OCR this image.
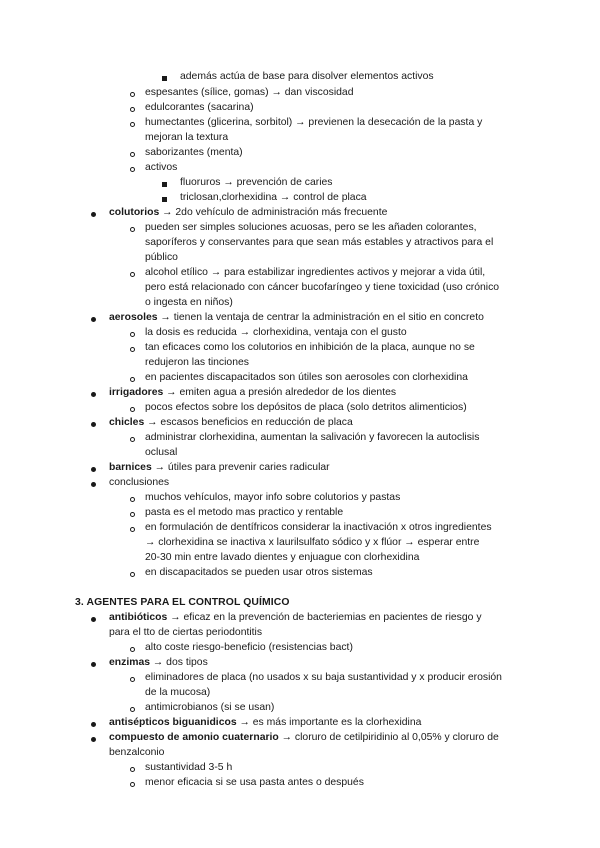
además actúa de base para disolver elementos activos
espesantes (sílice, gomas) → dan viscosidad
edulcorantes (sacarina)
humectantes (glicerina, sorbitol) → previenen la desecación de la pasta y
mejoran la textura
saborizantes (menta)
activos
fluoruros → prevención de caries
triclosan,clorhexidina → control de placa
colutorios → 2do vehículo de administración más frecuente
pueden ser simples soluciones acuosas, pero se les añaden colorantes,
saporíferos y conservantes para que sean más estables y atractivos para el
público
alcohol etílico → para estabilizar ingredientes activos y mejorar a vida útil,
pero está relacionado con cáncer bucofaríngeo y tiene toxicidad (uso crónico
o ingesta en niños)
aerosoles → tienen la ventaja de centrar la administración en el sitio en concreto
la dosis es reducida → clorhexidina, ventaja con el gusto
tan eficaces como los colutorios en inhibición de la placa, aunque no se
redujeron las tinciones
en pacientes discapacitados son útiles son aerosoles con clorhexidina
irrigadores → emiten agua a presión alrededor de los dientes
pocos efectos sobre los depósitos de placa (solo detritos alimenticios)
chicles → escasos beneficios en reducción de placa
administrar clorhexidina, aumentan la salivación y favorecen la autoclisis
oclusal
barnices → útiles para prevenir caries radicular
conclusiones
muchos vehículos, mayor info sobre colutorios y pastas
pasta es el metodo mas practico y rentable
en formulación de dentífricos considerar la inactivación x otros ingredientes
→ clorhexidina se inactiva x laurilsulfato sódico y x flúor → esperar entre
20-30 min entre lavado dientes y enjuague con clorhexidina
en discapacitados se pueden usar otros sistemas
3. AGENTES PARA EL CONTROL QUÍMICO
antibióticos → eficaz en la prevención de bacteriemias en pacientes de riesgo y
para el tto de ciertas periodontitis
alto coste riesgo-beneficio (resistencias bact)
enzimas → dos tipos
eliminadores de placa (no usados x su baja sustantividad y x producir erosión
de la mucosa)
antimicrobianos (si se usan)
antisépticos biguanidicos → es más importante es la clorhexidina
compuesto de amonio cuaternario → cloruro de cetilpiridinio al 0,05% y cloruro de
benzalconio
sustantividad 3-5 h
menor eficacia si se usa pasta antes o después
